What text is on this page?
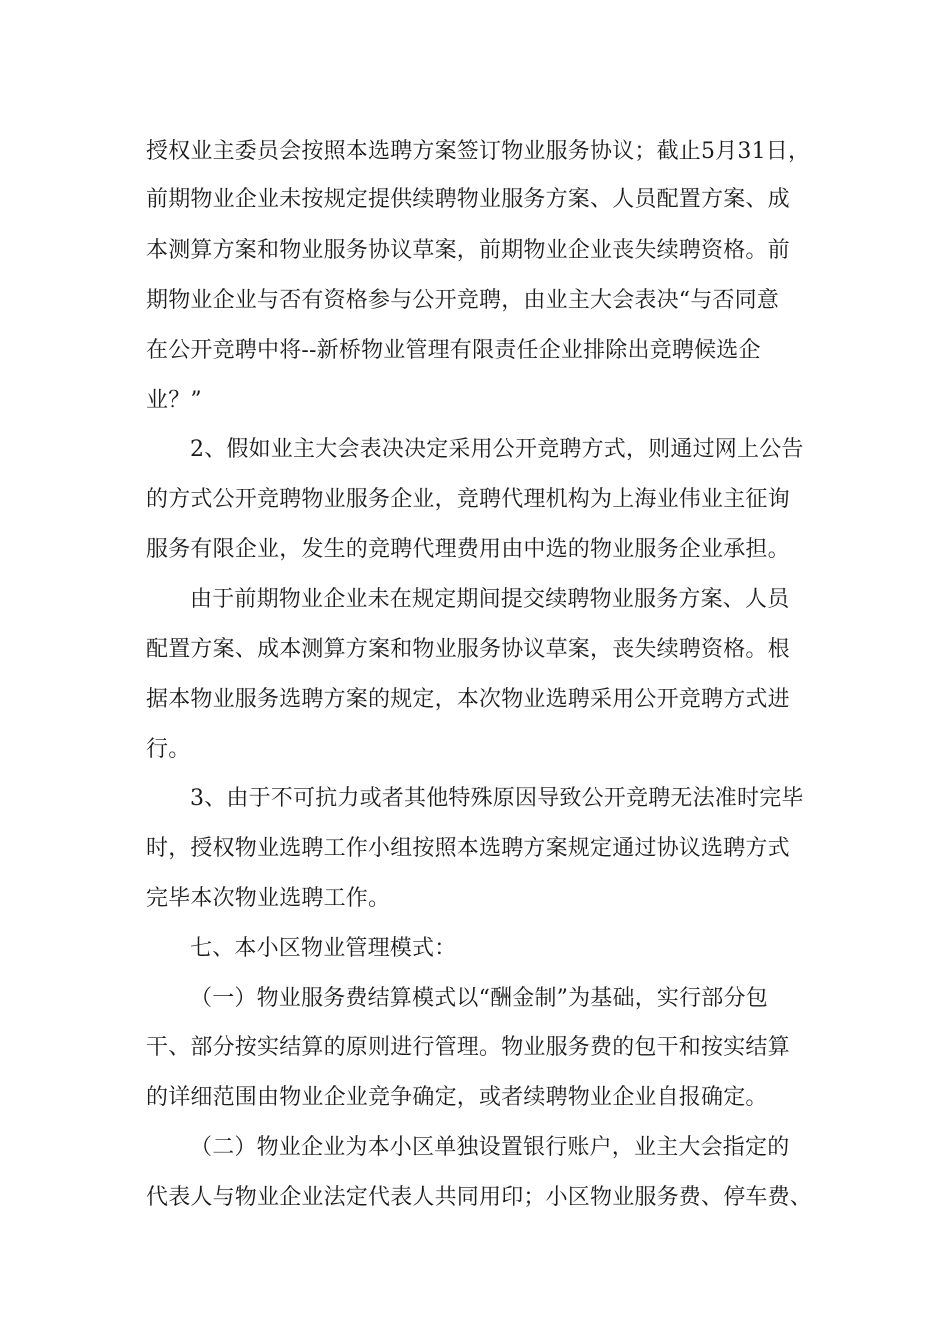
授权业主委员会按照本选聘方案签订物业服务协议；截止5月31日，
前期物业企业未按规定提供续聘物业服务方案、人员配置方案、成
本测算方案和物业服务协议草案，前期物业企业丧失续聘资格。前
期物业企业与否有资格参与公开竞聘，由业主大会表决“与否同意
在公开竞聘中将--新桥物业管理有限责任企业排除出竞聘候选企
业？”
2、假如业主大会表决决定采用公开竞聘方式，则通过网上公告
的方式公开竞聘物业服务企业，竞聘代理机构为上海业伟业主征询
服务有限企业，发生的竞聘代理费用由中选的物业服务企业承担。
由于前期物业企业未在规定期间提交续聘物业服务方案、人员
配置方案、成本测算方案和物业服务协议草案，丧失续聘资格。根
据本物业服务选聘方案的规定，本次物业选聘采用公开竞聘方式进
行。
3、由于不可抗力或者其他特殊原因导致公开竞聘无法准时完毕
时，授权物业选聘工作小组按照本选聘方案规定通过协议选聘方式
完毕本次物业选聘工作。
七、本小区物业管理模式：
（一）物业服务费结算模式以“酬金制”为基础，实行部分包
干、部分按实结算的原则进行管理。物业服务费的包干和按实结算
的详细范围由物业企业竞争确定，或者续聘物业企业自报确定。
（二）物业企业为本小区单独设置银行账户，业主大会指定的
代表人与物业企业法定代表人共同用印；小区物业服务费、停车费、
